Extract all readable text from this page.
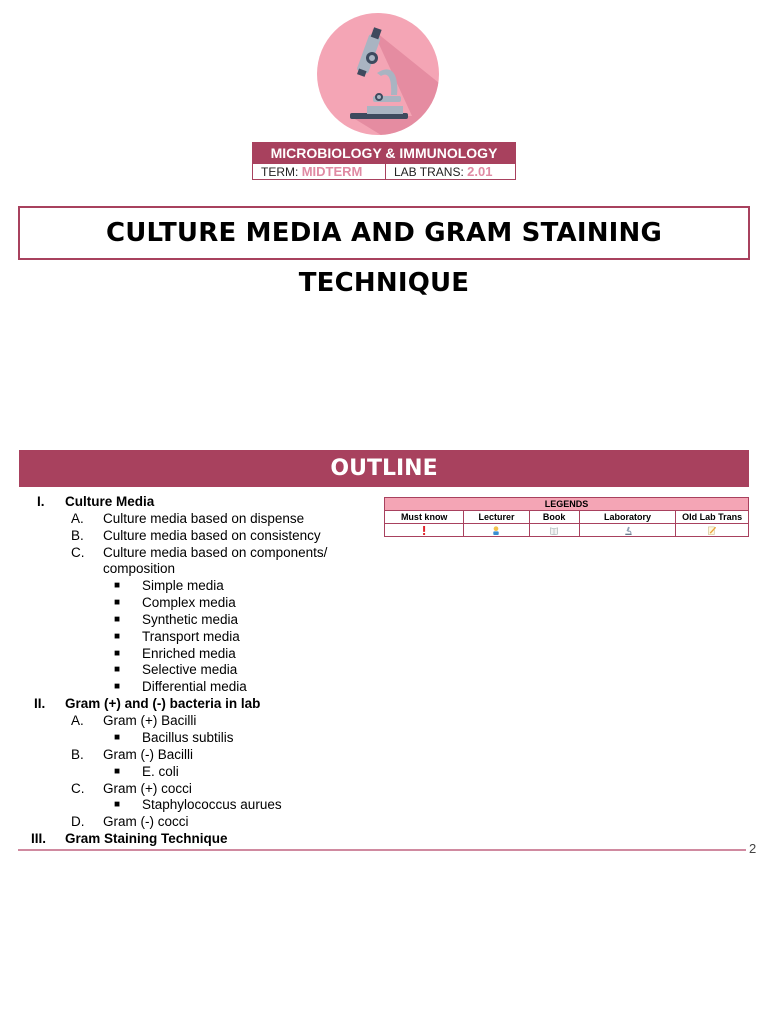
MICROBIOLOGY & IMMUNOLOGY
TERM: MIDTERM	LAB TRANS: 2.01
CULTURE MEDIA AND GRAM STAINING TECHNIQUE
OUTLINE
I. Culture Media
A. Culture media based on dispense
B. Culture media based on consistency
C. Culture media based on components/
composition
■ Simple media
■ Complex media
■ Synthetic media
■ Transport media
■ Enriched media
■ Selective media
■ Differential media
II. Gram (+) and (-) bacteria in lab
A. Gram (+) Bacilli
■ Bacillus subtilis
B. Gram (-) Bacilli
■ E. coli
C. Gram (+) cocci
■ Staphylococcus aurues
D. Gram (-) cocci
III. Gram Staining Technique
LEGENDS				
Must know	Lecturer	Book	Laboratory	Old Lab Trans

2
